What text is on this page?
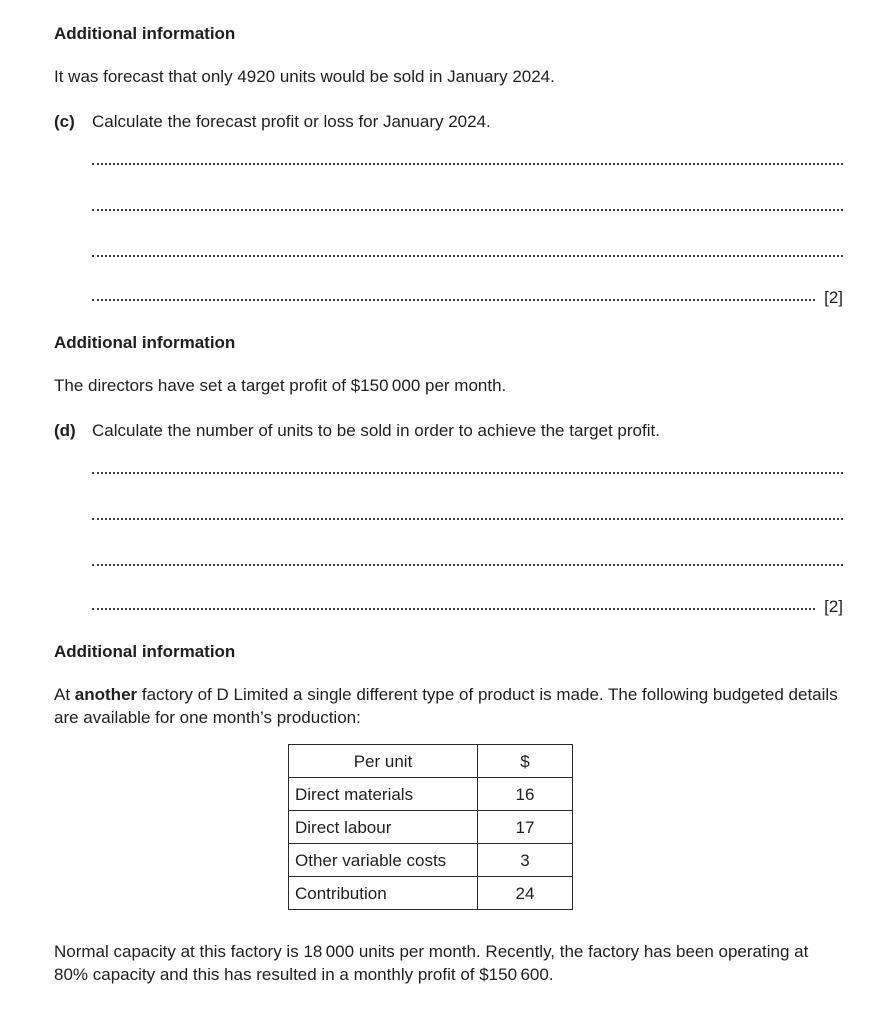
Additional information

It was forecast that only 4920 units would be sold in January 2024.

(c)	Calculate the forecast profit or loss for January 2024.
[2]

Additional information

The directors have set a target profit of $150 000 per month.

(d) Calculate the number of units to be sold in order to achieve the target profit.
[2]

Additional information

At another factory of D Limited a single different type of product is made. The following budgeted details are available for one month’s production:

Per unit	$
Direct materials	16
Direct labour	17
Other variable costs	3
Contribution	24

Normal capacity at this factory is 18 000 units per month. Recently, the factory has been operating at 80% capacity and this has resulted in a monthly profit of $150 600.
